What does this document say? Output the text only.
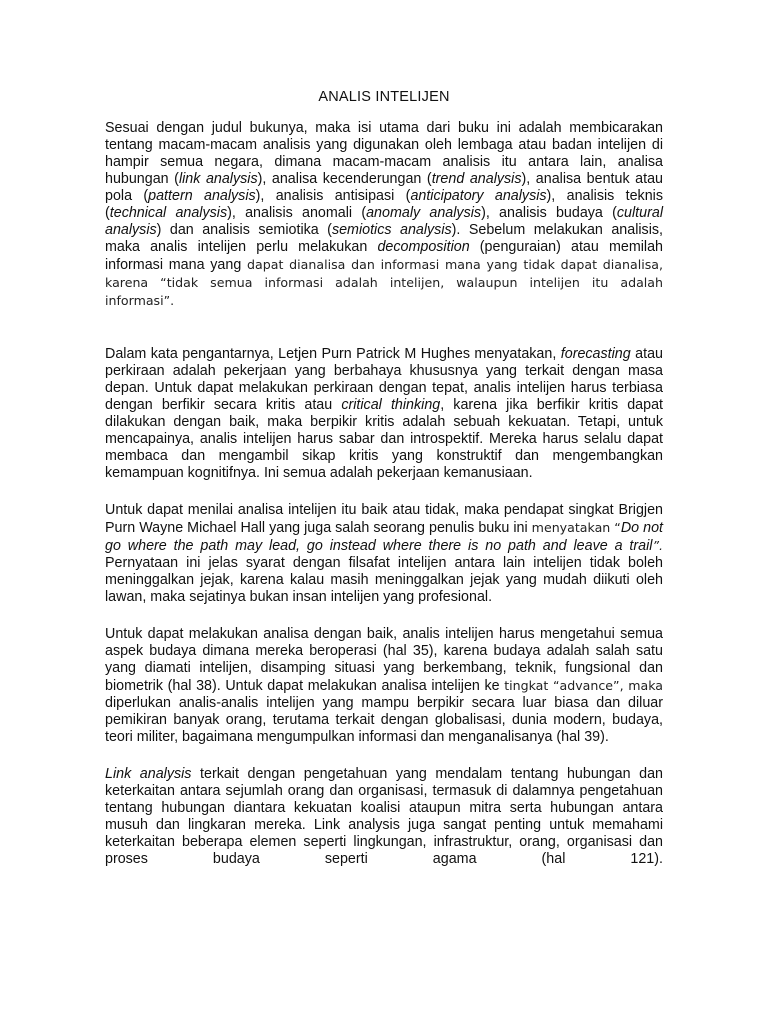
ANALIS INTELIJEN

Sesuai dengan judul bukunya, maka isi utama dari buku ini adalah membicarakan tentang macam-macam analisis yang digunakan oleh lembaga atau badan intelijen di hampir semua negara, dimana macam-macam analisis itu antara lain, analisa hubungan (link analysis), analisa kecenderungan (trend analysis), analisa bentuk atau pola (pattern analysis), analisis antisipasi (anticipatory analysis), analisis teknis (technical analysis), analisis anomali (anomaly analysis), analisis budaya (cultural analysis) dan analisis semiotika (semiotics analysis). Sebelum melakukan analisis, maka analis intelijen perlu melakukan decomposition (penguraian) atau memilah informasi mana yang dapat dianalisa dan informasi mana yang tidak dapat dianalisa, karena “tidak semua informasi adalah intelijen, walaupun intelijen itu adalah informasi”.

Dalam kata pengantarnya, Letjen Purn Patrick M Hughes menyatakan, forecasting atau perkiraan adalah pekerjaan yang berbahaya khususnya yang terkait dengan masa depan. Untuk dapat melakukan perkiraan dengan tepat, analis intelijen harus terbiasa dengan berfikir secara kritis atau critical thinking, karena jika berfikir kritis dapat dilakukan dengan baik, maka berpikir kritis adalah sebuah kekuatan. Tetapi, untuk mencapainya, analis intelijen harus sabar dan introspektif. Mereka harus selalu dapat membaca dan mengambil sikap kritis yang konstruktif dan mengembangkan kemampuan kognitifnya. Ini semua adalah pekerjaan kemanusiaan.

Untuk dapat menilai analisa intelijen itu baik atau tidak, maka pendapat singkat Brigjen Purn Wayne Michael Hall yang juga salah seorang penulis buku ini menyatakan “Do not go where the path may lead, go instead where there is no path and leave a trail”. Pernyataan ini jelas syarat dengan filsafat intelijen antara lain intelijen tidak boleh meninggalkan jejak, karena kalau masih meninggalkan jejak yang mudah diikuti oleh lawan, maka sejatinya bukan insan intelijen yang profesional.

Untuk dapat melakukan analisa dengan baik, analis intelijen harus mengetahui semua aspek budaya dimana mereka beroperasi (hal 35), karena budaya adalah salah satu yang diamati intelijen, disamping situasi yang berkembang, teknik, fungsional dan biometrik (hal 38). Untuk dapat melakukan analisa intelijen ke tingkat “advance”, maka diperlukan analis-analis intelijen yang mampu berpikir secara luar biasa dan diluar pemikiran banyak orang, terutama terkait dengan globalisasi, dunia modern, budaya, teori militer, bagaimana mengumpulkan informasi dan menganalisanya (hal 39).

Link analysis terkait dengan pengetahuan yang mendalam tentang hubungan dan keterkaitan antara sejumlah orang dan organisasi, termasuk di dalamnya pengetahuan tentang hubungan diantara kekuatan koalisi ataupun mitra serta hubungan antara musuh dan lingkaran mereka. Link analysis juga sangat penting untuk memahami keterkaitan beberapa elemen seperti lingkungan, infrastruktur, orang, organisasi dan proses budaya seperti agama (hal 121).
